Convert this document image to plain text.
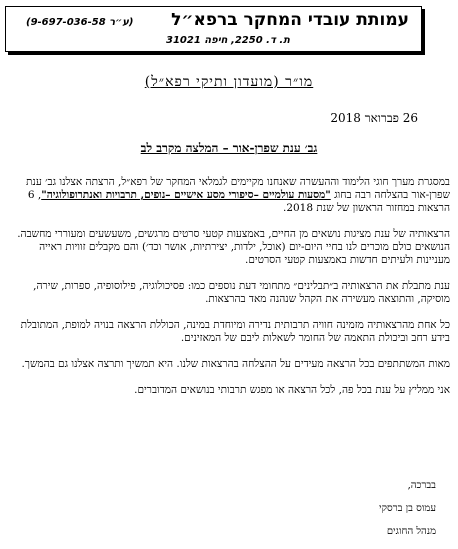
עמותת עובדי המחקר ברפא״ל
(ע״ר 9-697-036-58)
ת. ד. 2250, חיפה 31021
מו״ר (מועדון ותיקי רפא״ל)
26 פברואר 2018
גב׳ ענת שפרן-אור – המלצה מקרב לב

במסגרת מערך חוגי הלימוד וההעשרה שאנחנו מקיימים לגמלאי המחקר של רפא״ל, הרצתה אצלנו גב׳ ענת שפרן-אור בהצלחה רבה בחוג "מסעות עולמיים –סיפורי מסע אישיים –נופים, תרבויות ואנתרופולוגיה", 6 הרצאות במחזור הראשון של שנת 2018.

הרצאותיה של ענת מציגות נושאים מן החיים, באמצעות קטעי סרטים מרגשים, משעשעים ומעוררי מחשבה. הנושאים כולם מוכרים לנו בחיי היום-יום (אוכל, ילדות, יצירתיות, אושר וכד׳) והם מקבלים זוויות ראייה מעניינות ולעיתים חדשות באמצעות קטעי הסרטים.

ענת מתבלת את הרצאותיה ב״תבלינים״ מתחומי דעת נוספים כמו: פסיכולוגיה, פילוסופיה, ספרות, שירה, מוסיקה, והתוצאה מעשירה את הקהל שנהנה מאד בהרצאות.

כל אחת מהרצאותיה מזמינה חוויה תרבותית נדירה ומיוחדת במינה, הכוללת הרצאה בנויה למופת, המתובלת בידע רחב וביכולת התאמה של החומר לשאלות ליבם של המאזינים.

מאות המשתתפים בכל הרצאה מעידים על ההצלחה בהרצאות שלנו. היא תמשיך ותרצה אצלנו גם בהמשך.

אני ממליץ על ענת בכל פה, לכל הרצאה או מפגש תרבותי בנושאים המדוברים.

בברכה,
עמוס בן ברסקי
מנהל החוגים
